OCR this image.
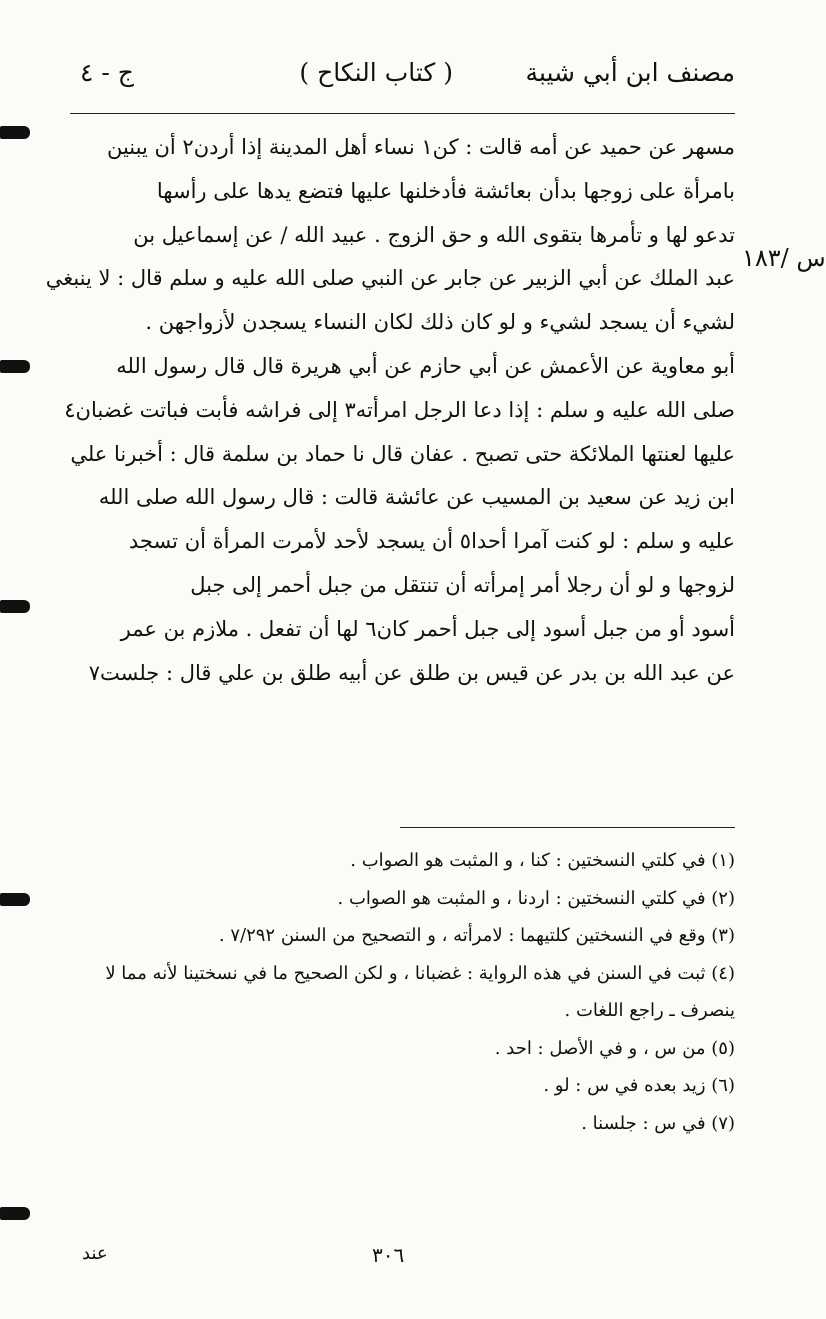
مصنف ابن أبي شيبة
( كتاب النكاح )
ج - ٤
س /١٨٣
مسهر عن حميد عن أمه قالت : كن١ نساء أهل المدينة إذا أردن٢ أن يبنين
بامرأة على زوجها بدأن بعائشة فأدخلنها عليها فتضع يدها على رأسها
تدعو لها و تأمرها بتقوى الله و حق الزوج . عبيد الله / عن إسماعيل بن
عبد الملك عن أبي الزبير عن جابر عن النبي صلى الله عليه و سلم قال : لا ينبغي
لشيء أن يسجد لشيء و لو كان ذلك لكان النساء يسجدن لأزواجهن .
أبو معاوية عن الأعمش عن أبي حازم عن أبي هريرة قال قال رسول الله
صلى الله عليه و سلم : إذا دعا الرجل امرأته٣ إلى فراشه فأبت فباتت غضبان٤
عليها لعنتها الملائكة حتى تصبح . عفان قال نا حماد بن سلمة قال : أخبرنا علي
ابن زيد عن سعيد بن المسيب عن عائشة قالت : قال رسول الله صلى الله
عليه و سلم : لو كنت آمرا أحدا٥ أن يسجد لأحد لأمرت المرأة أن تسجد
لزوجها و لو أن رجلا أمر إمرأته أن تنتقل من جبل أحمر إلى جبل
أسود أو من جبل أسود إلى جبل أحمر كان٦ لها أن تفعل . ملازم بن عمر
عن عبد الله بن بدر عن قيس بن طلق عن أبيه طلق بن علي قال : جلست٧
(١) في كلتي النسختين : كنا ، و المثبت هو الصواب .
(٢) في كلتي النسختين : اردنا ، و المثبت هو الصواب .
(٣) وقع في النسختين كلتيهما : لامرأته ، و التصحيح من السنن ٧/٢٩٢ .
(٤) ثبت في السنن في هذه الرواية : غضبانا ، و لكن الصحيح ما في نسختينا لأنه مما لا
ينصرف ـ راجع اللغات .
(٥) من س ، و في الأصل : احد .
(٦) زيد بعده في س : لو .
(٧) في س : جلسنا .
عند	٣٠٦
